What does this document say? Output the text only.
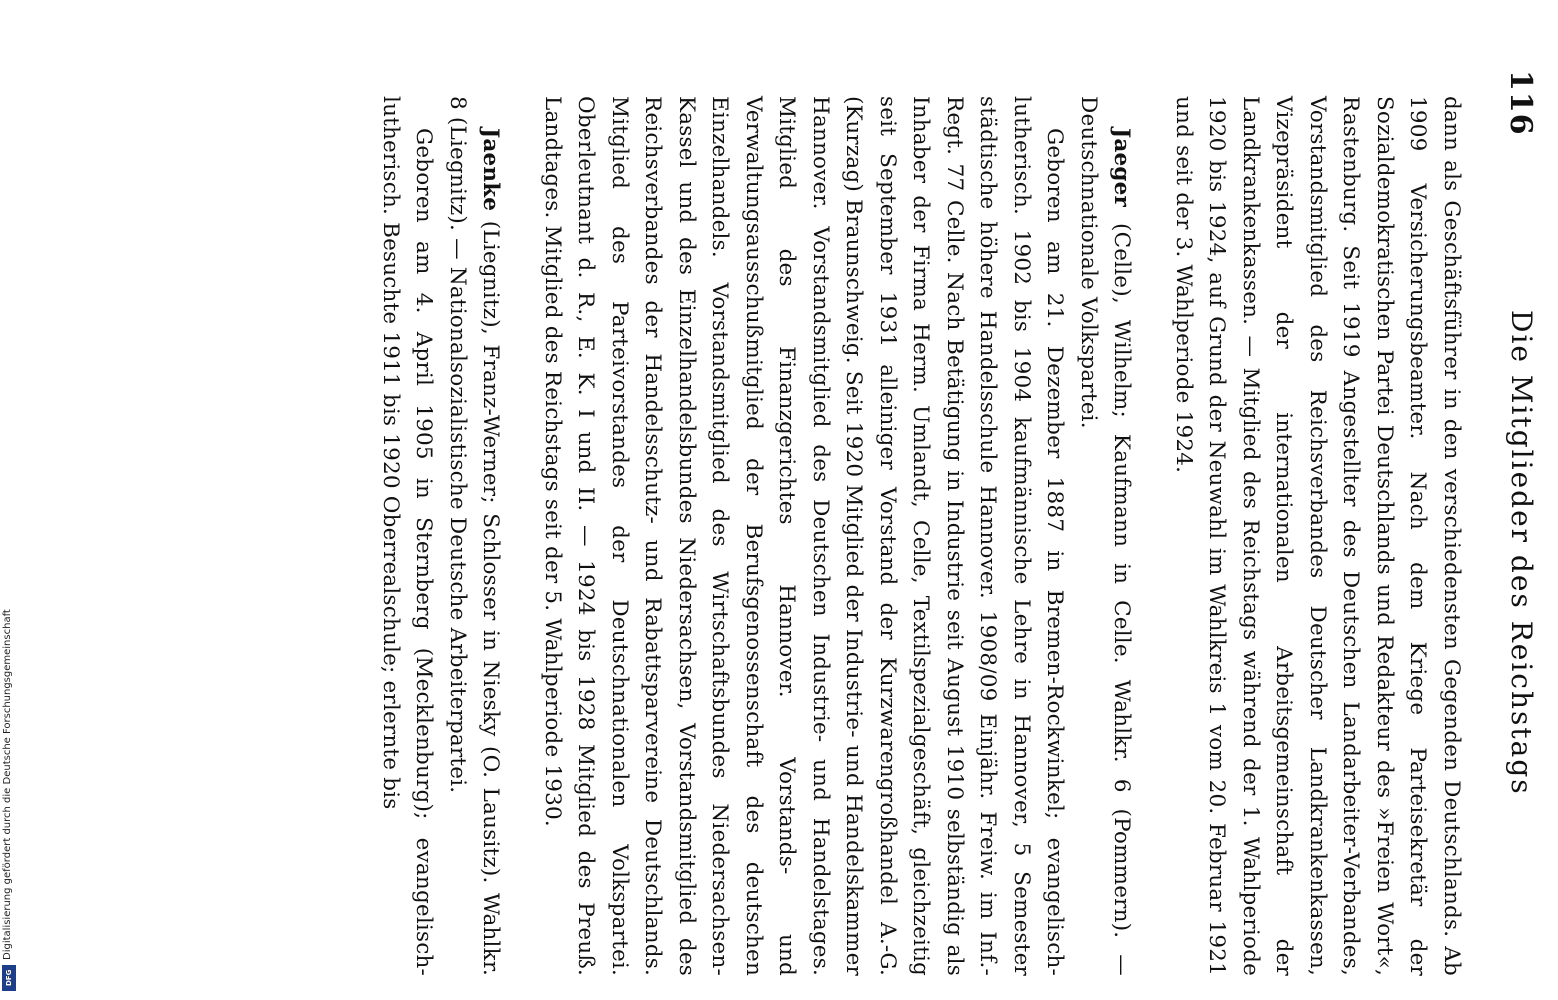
116
Die Mitglieder des Reichstags

dann als Geschäftsführer in den verschiedensten Gegenden Deutschlands. Ab 1909 Versicherungsbeamter. Nach dem Kriege Parteisekretär der Sozialdemokratischen Partei Deutschlands und Redakteur des »Freien Wort«, Rastenburg. Seit 1919 Angestellter des Deutschen Landarbeiter-Verbandes, Vorstandsmitglied des Reichsverbandes Deutscher Landkrankenkassen, Vizepräsident der internationalen Arbeitsgemeinschaft der Landkrankenkassen. — Mitglied des Reichstags während der 1. Wahlperiode 1920 bis 1924, auf Grund der Neuwahl im Wahlkreis 1 vom 20. Februar 1921 und seit der 3. Wahlperiode 1924.

Jaeger (Celle), Wilhelm; Kaufmann in Celle. Wahlkr. 6 (Pommern). — Deutschnationale Volkspartei.

Geboren am 21. Dezember 1887 in Bremen-Rockwinkel; evangelisch-lutherisch. 1902 bis 1904 kaufmännische Lehre in Hannover, 5 Semester städtische höhere Handelsschule Hannover. 1908/09 Einjähr. Freiw. im Inf.-Regt. 77 Celle. Nach Betätigung in Industrie seit August 1910 selbständig als Inhaber der Firma Herm. Umlandt, Celle, Textilspezialgeschäft, gleichzeitig seit September 1931 alleiniger Vorstand der Kurzwarengroßhandel A.-G. (Kurzag) Braunschweig. Seit 1920 Mitglied der Industrie- und Handelskammer Hannover. Vorstandsmitglied des Deutschen Industrie- und Handelstages. Mitglied des Finanzgerichtes Hannover. Vorstands- und Verwaltungsausschußmitglied der Berufsgenossenschaft des deutschen Einzelhandels. Vorstandsmitglied des Wirtschaftsbundes Niedersachsen-Kassel und des Einzelhandelsbundes Niedersachsen, Vorstandsmitglied des Reichsverbandes der Handelsschutz- und Rabattsparvereine Deutschlands. Mitglied des Parteivorstandes der Deutschnationalen Volkspartei. Oberleutnant d. R., E. K. I und II. — 1924 bis 1928 Mitglied des Preuß. Landtages. Mitglied des Reichstags seit der 5. Wahlperiode 1930.

Jaenke (Liegnitz), Franz-Werner; Schlosser in Niesky (O. Lausitz). Wahlkr. 8 (Liegnitz). — Nationalsozialistische Deutsche Arbeiterpartei.

Geboren am 4. April 1905 in Sternberg (Mecklenburg); evangelisch-lutherisch. Besuchte 1911 bis 1920 Oberrealschule; erlernte bis

Digitalisierung gefördert durch die Deutsche Forschungsgemeinschaft
DFG
